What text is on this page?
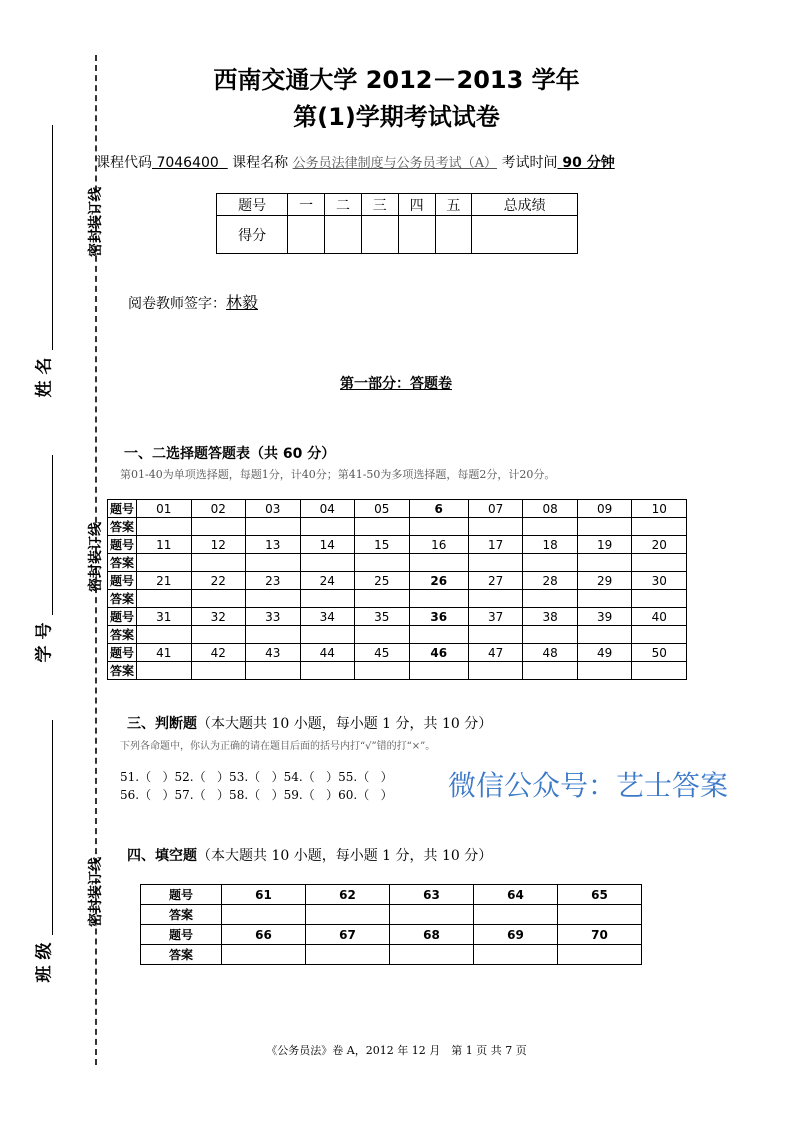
密封装订线
密封装订线
密封装订线
姓 名
学 号
班 级
西南交通大学 2012－2013 学年
第(1)学期考试试卷
课程代码 7046400 课程名称 公务员法律制度与公务员考试（A） 考试时间 90 分钟
题号	一	二	三	四	五	总成绩
得分						
阅卷教师签字：林毅
第一部分：答题卷
一、二选择题答题表（共 60 分）
第01-40为单项选择题，每题1分，计40分；第41-50为多项选择题，每题2分，计20分。
题号	01	02	03	04	05	6	07	08	09	10
答案										
题号	11	12	13	14	15	16	17	18	19	20
答案										
题号	21	22	23	24	25	26	27	28	29	30
答案										
题号	31	32	33	34	35	36	37	38	39	40
答案										
题号	41	42	43	44	45	46	47	48	49	50
答案										
三、判断题（本大题共 10 小题，每小题 1 分，共 10 分）
下列各命题中，你认为正确的请在题目后面的括号内打“√”错的打“×”。
51.（   ）52.（   ）53.（   ）54.（   ）55.（   ）
56.（   ）57.（   ）58.（   ）59.（   ）60.（   ）
四、填空题（本大题共 10 小题，每小题 1 分，共 10 分）
题号	61	62	63	64	65
答案					
题号	66	67	68	69	70
答案					
微信公众号：艺士答案
《公务员法》卷 A，2012 年 12 月　第 1 页 共 7 页
